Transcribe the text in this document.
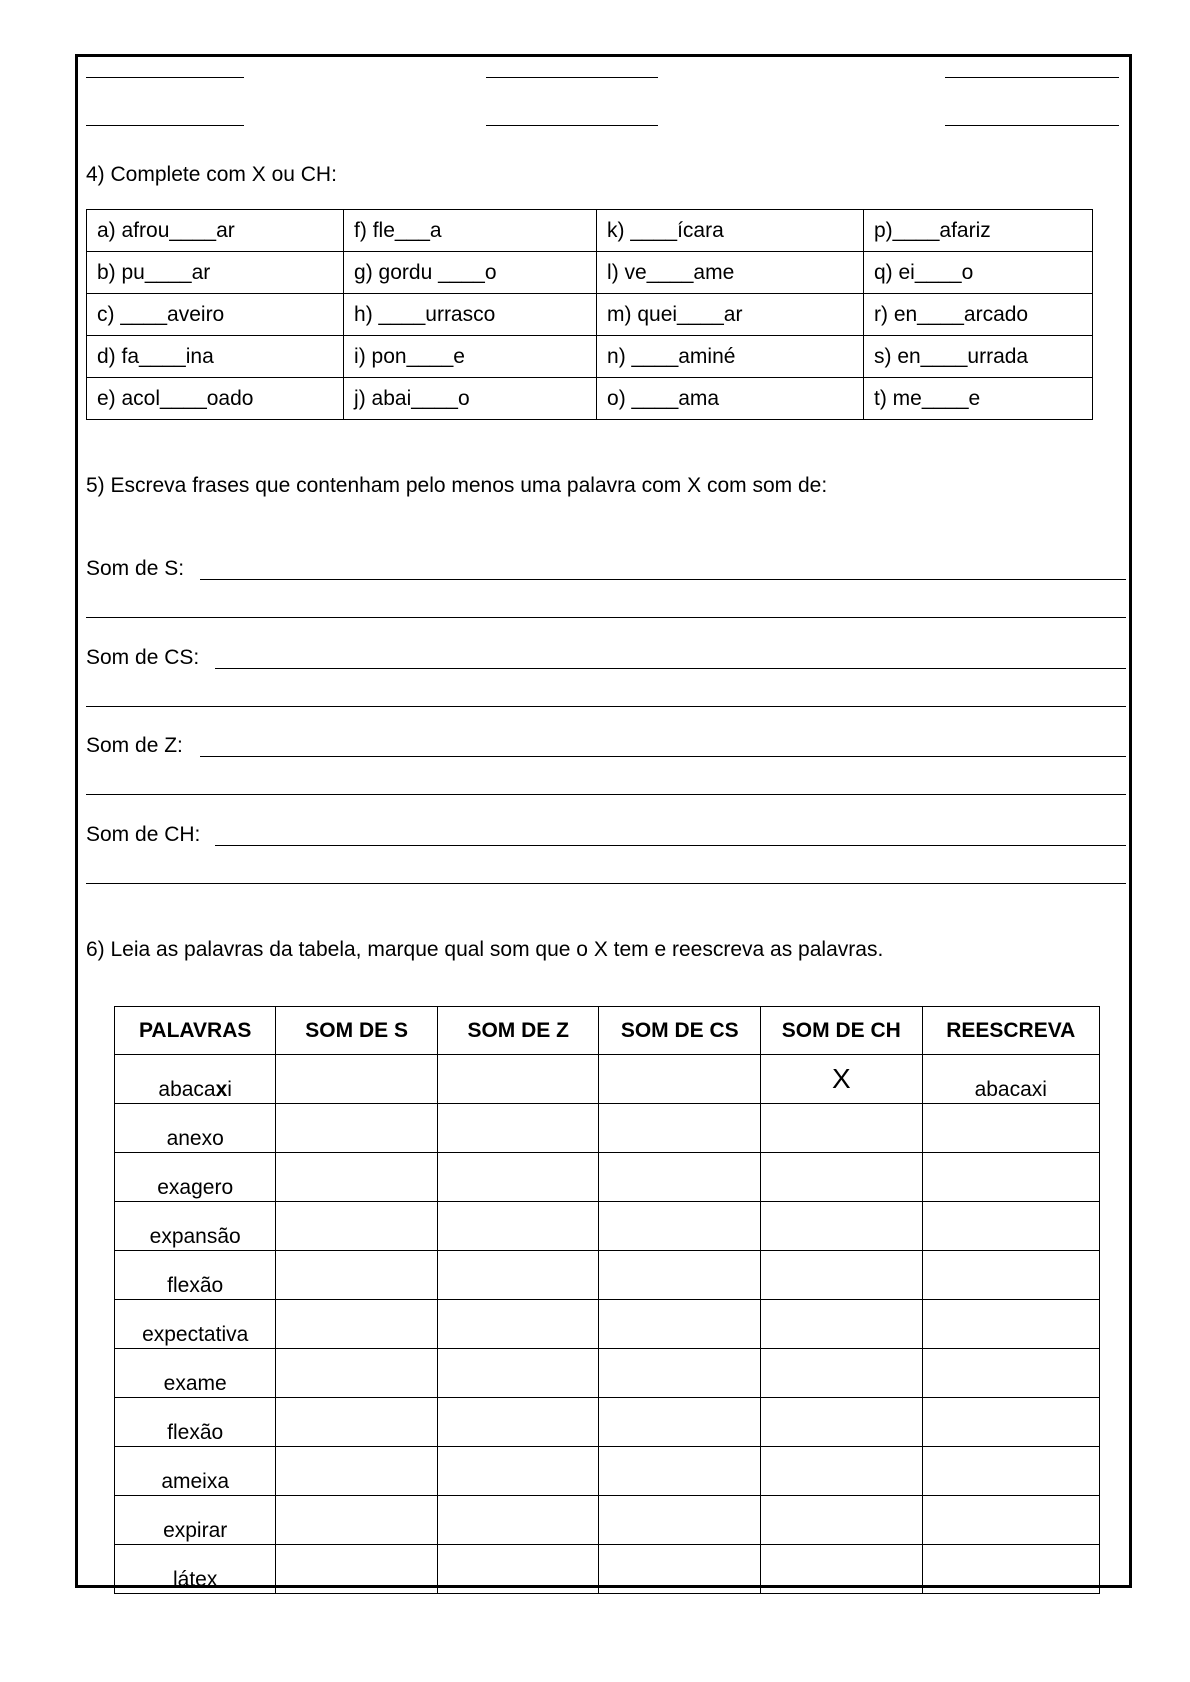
4) Complete com X ou CH:
a) afrou____ar	f) fle___a	k) ____ícara	p)____afariz
b) pu____ar	g) gordu ____o	l) ve____ame	q) ei____o
c) ____aveiro	h) ____urrasco	m) quei____ar	r) en____arcado
d) fa____ina	i) pon____e	n) ____aminé	s) en____urrada
e) acol____oado	j) abai____o	o) ____ama	t) me____e
5) Escreva frases que contenham pelo menos uma palavra com X com som de:
Som de S:
Som de CS:
Som de Z:
Som de CH:
6) Leia as palavras da tabela, marque qual som que o X tem e reescreva as palavras.
PALAVRAS	SOM DE S	SOM DE Z	SOM DE CS	SOM DE CH	REESCREVA
abacaxi				X	abacaxi
anexo					
exagero					
expansão					
flexão					
expectativa					
exame					
flexão					
ameixa					
expirar					
látex					
